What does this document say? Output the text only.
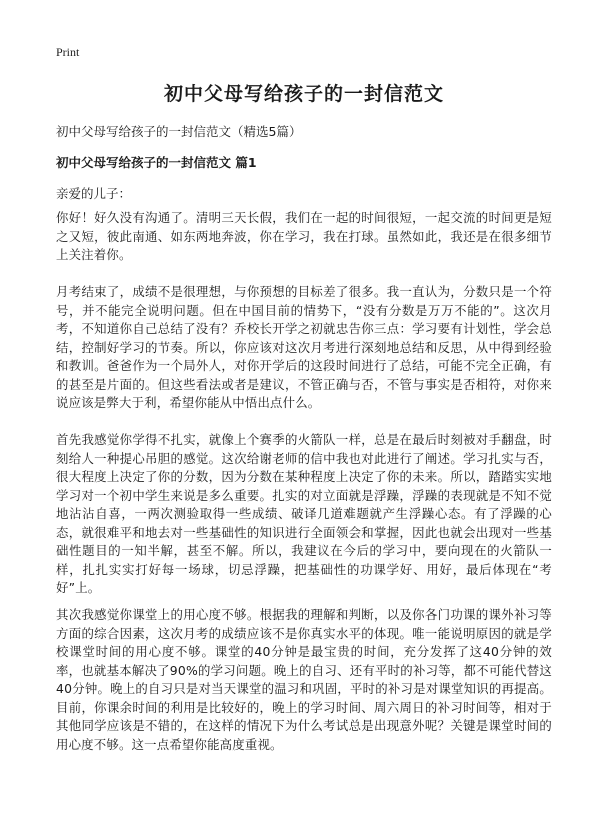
Print
初中父母写给孩子的一封信范文

初中父母写给孩子的一封信范文（精选5篇）

初中父母写给孩子的一封信范文 篇1

亲爱的儿子：

你好！好久没有沟通了。清明三天长假，我们在一起的时间很短，一起交流的时间更是短之又短，彼此南通、如东两地奔波，你在学习，我在打球。虽然如此，我还是在很多细节上关注着你。

月考结束了，成绩不是很理想，与你预想的目标差了很多。我一直认为，分数只是一个符号，并不能完全说明问题。但在中国目前的情势下，“没有分数是万万不能的”。这次月考，不知道你自己总结了没有？乔校长开学之初就忠告你三点：学习要有计划性，学会总结，控制好学习的节奏。所以，你应该对这次月考进行深刻地总结和反思，从中得到经验和教训。爸爸作为一个局外人，对你开学后的这段时间进行了总结，可能不完全正确，有的甚至是片面的。但这些看法或者是建议，不管正确与否，不管与事实是否相符，对你来说应该是弊大于利，希望你能从中悟出点什么。

首先我感觉你学得不扎实，就像上个赛季的火箭队一样，总是在最后时刻被对手翻盘，时刻给人一种提心吊胆的感觉。这次给谢老师的信中我也对此进行了阐述。学习扎实与否，很大程度上决定了你的分数，因为分数在某种程度上决定了你的未来。所以，踏踏实实地学习对一个初中学生来说是多么重要。扎实的对立面就是浮躁，浮躁的表现就是不知不觉地沾沾自喜，一两次测验取得一些成绩、破译几道难题就产生浮躁心态。有了浮躁的心态，就很难平和地去对一些基础性的知识进行全面领会和掌握，因此也就会出现对一些基础性题目的一知半解，甚至不解。所以，我建议在今后的学习中，要向现在的火箭队一样，扎扎实实打好每一场球，切忌浮躁，把基础性的功课学好、用好，最后体现在“考好”上。

其次我感觉你课堂上的用心度不够。根据我的理解和判断，以及你各门功课的课外补习等方面的综合因素，这次月考的成绩应该不是你真实水平的体现。唯一能说明原因的就是学校课堂时间的用心度不够。课堂的40分钟是最宝贵的时间，充分发挥了这40分钟的效率，也就基本解决了90%的学习问题。晚上的自习、还有平时的补习等，都不可能代替这40分钟。晚上的自习只是对当天课堂的温习和巩固，平时的补习是对课堂知识的再提高。目前，你课余时间的利用是比较好的，晚上的学习时间、周六周日的补习时间等，相对于其他同学应该是不错的，在这样的情况下为什么考试总是出现意外呢？关键是课堂时间的用心度不够。这一点希望你能高度重视。
